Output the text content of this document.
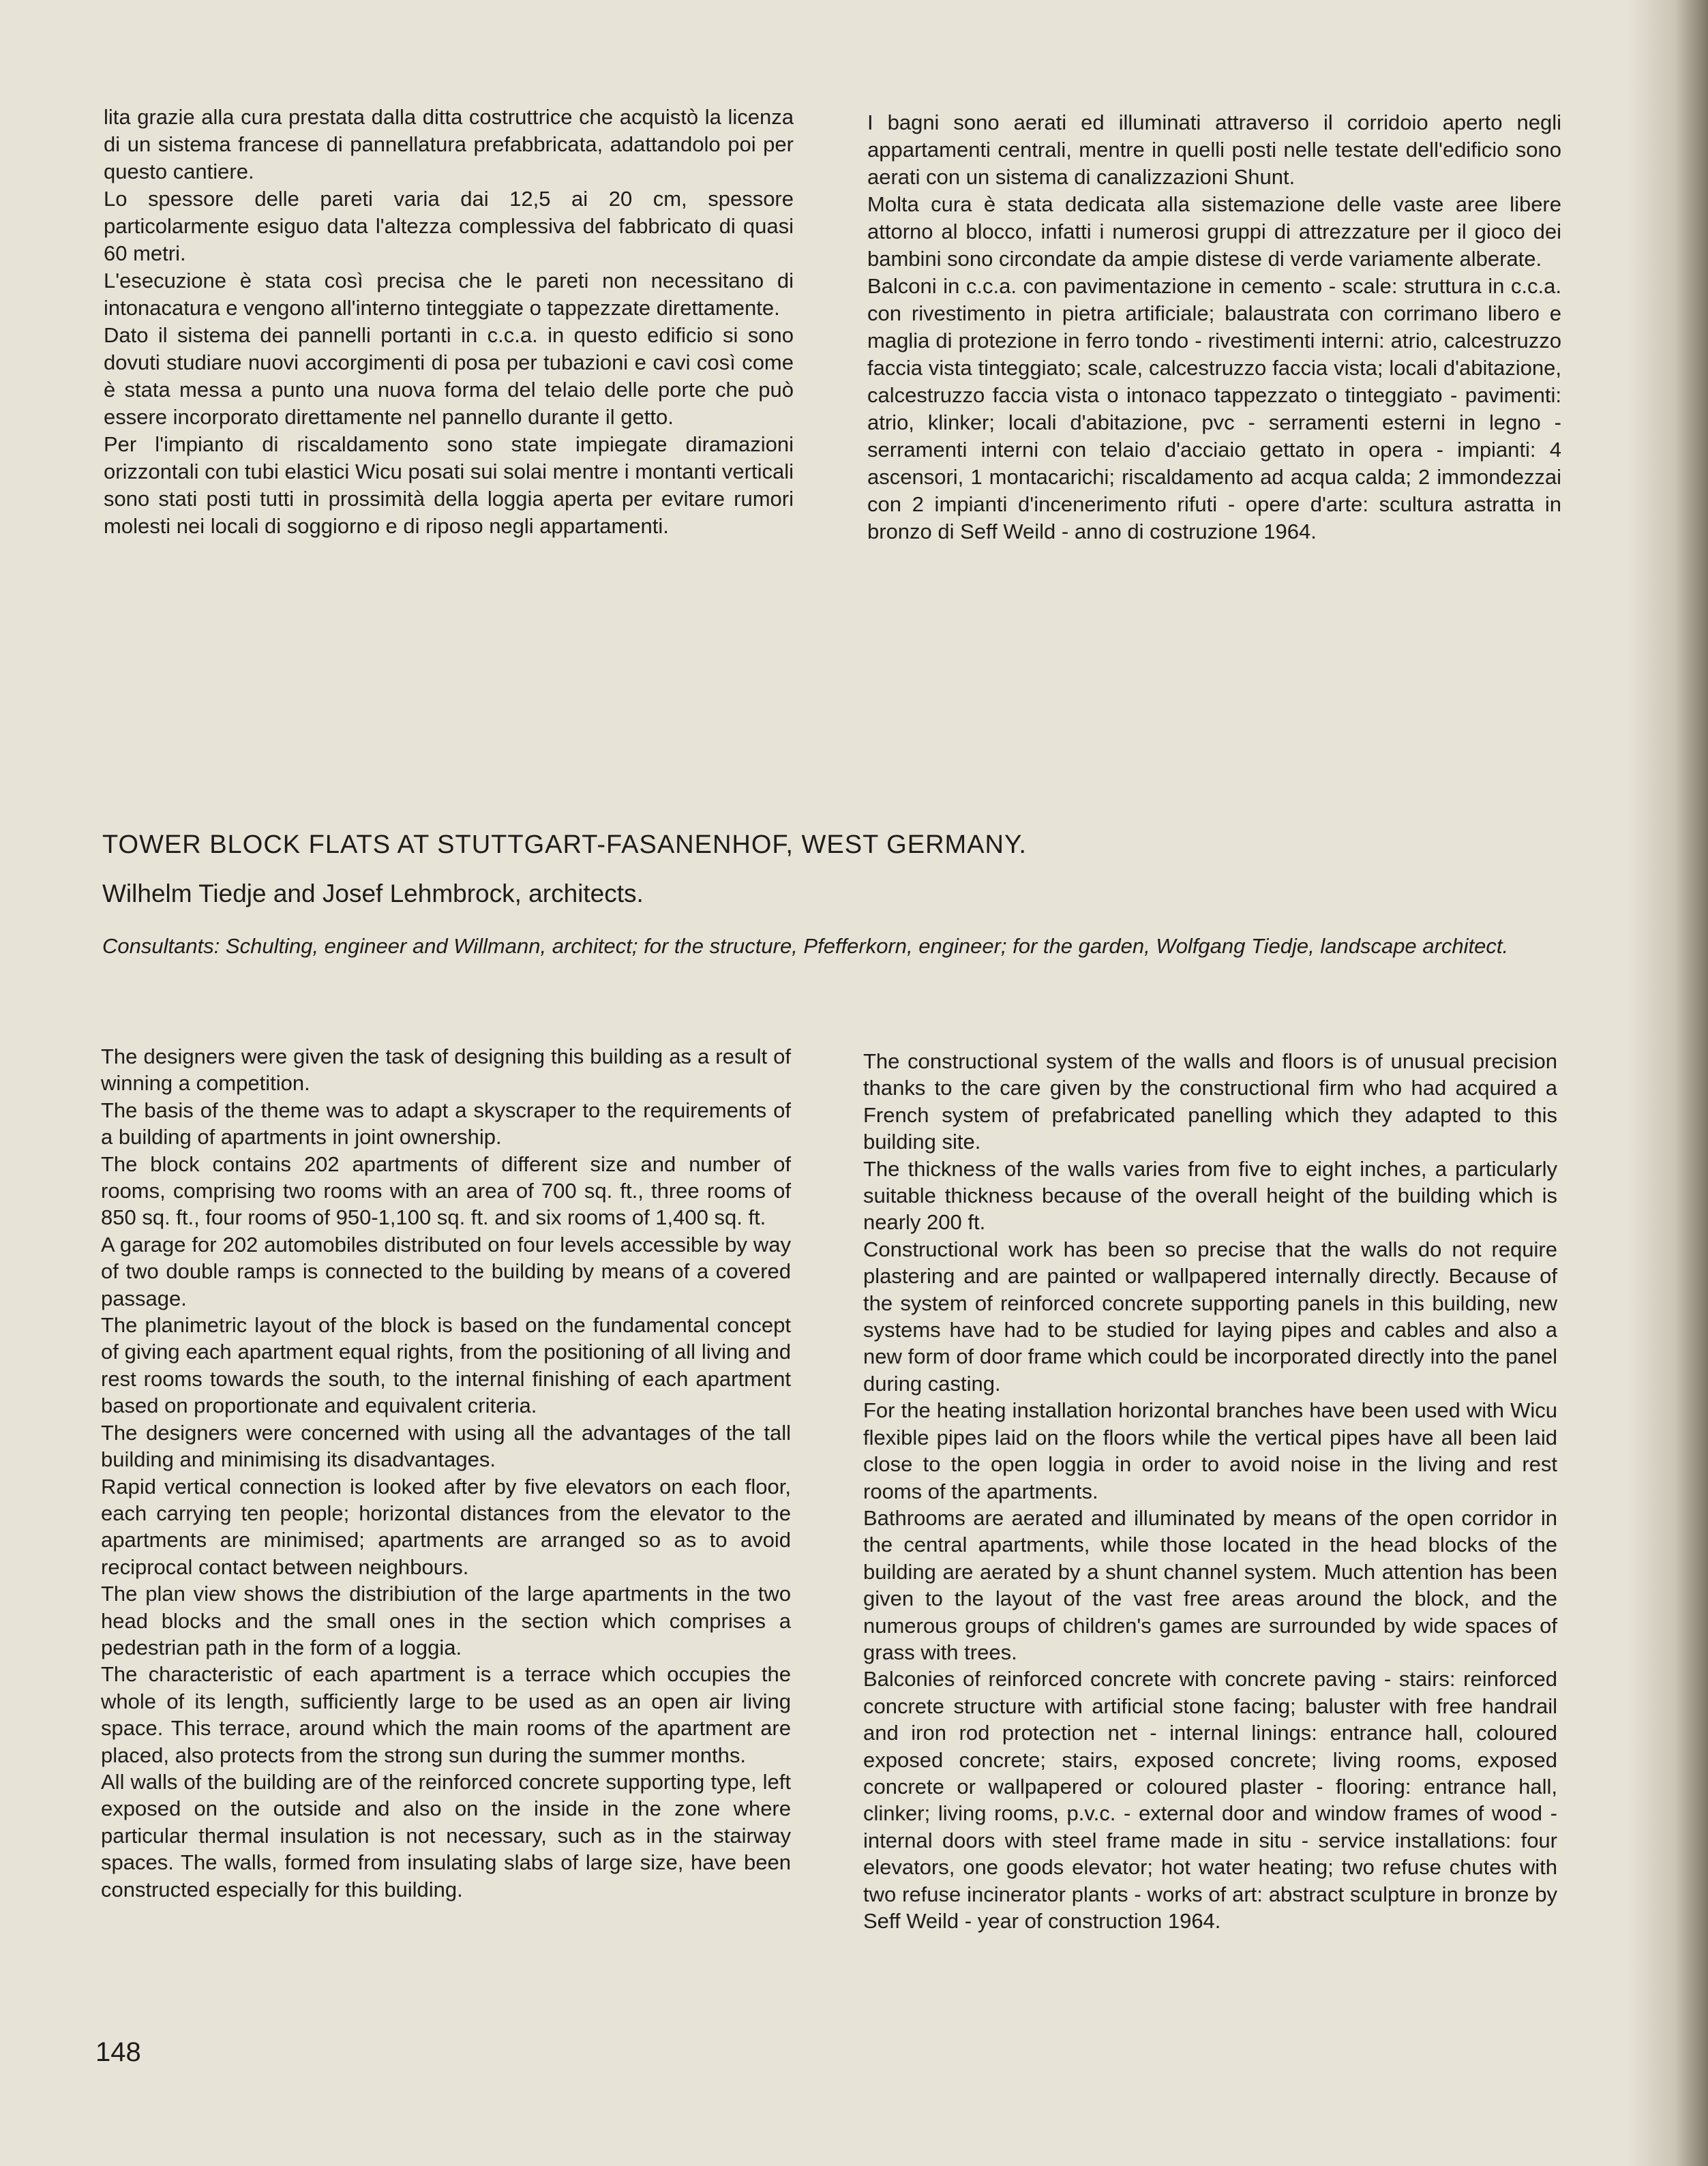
lita grazie alla cura prestata dalla ditta costruttrice che acquistò la licenza di un sistema francese di pannellatura prefabbricata, adattandolo poi per questo cantiere.

Lo spessore delle pareti varia dai 12,5 ai 20 cm, spessore particolarmente esiguo data l'altezza complessiva del fabbricato di quasi 60 metri.

L'esecuzione è stata così precisa che le pareti non necessitano di intonacatura e vengono all'interno tinteggiate o tappezzate direttamente.

Dato il sistema dei pannelli portanti in c.c.a. in questo edificio si sono dovuti studiare nuovi accorgimenti di posa per tubazioni e cavi così come è stata messa a punto una nuova forma del telaio delle porte che può essere incorporato direttamente nel pannello durante il getto.

Per l'impianto di riscaldamento sono state impiegate diramazioni orizzontali con tubi elastici Wicu posati sui solai mentre i montanti verticali sono stati posti tutti in prossimità della loggia aperta per evitare rumori molesti nei locali di soggiorno e di riposo negli appartamenti.

I bagni sono aerati ed illuminati attraverso il corridoio aperto negli appartamenti centrali, mentre in quelli posti nelle testate dell'edificio sono aerati con un sistema di canalizzazioni Shunt.

Molta cura è stata dedicata alla sistemazione delle vaste aree libere attorno al blocco, infatti i numerosi gruppi di attrezzature per il gioco dei bambini sono circondate da ampie distese di verde variamente alberate.

Balconi in c.c.a. con pavimentazione in cemento - scale: struttura in c.c.a. con rivestimento in pietra artificiale; balaustrata con corrimano libero e maglia di protezione in ferro tondo - rivestimenti interni: atrio, calcestruzzo faccia vista tinteggiato; scale, calcestruzzo faccia vista; locali d'abitazione, calcestruzzo faccia vista o intonaco tappezzato o tinteggiato - pavimenti: atrio, klinker; locali d'abitazione, pvc - serramenti esterni in legno - serramenti interni con telaio d'acciaio gettato in opera - impianti: 4 ascensori, 1 montacarichi; riscaldamento ad acqua calda; 2 immondezzai con 2 impianti d'incenerimento rifuti - opere d'arte: scultura astratta in bronzo di Seff Weild - anno di costruzione 1964.

TOWER BLOCK FLATS AT STUTTGART-FASANENHOF, WEST GERMANY.
Wilhelm Tiedje and Josef Lehmbrock, architects.

Consultants: Schulting, engineer and Willmann, architect; for the structure, Pfefferkorn, engineer; for the garden, Wolfgang Tiedje, landscape architect.

The designers were given the task of designing this building as a result of winning a competition.

The basis of the theme was to adapt a skyscraper to the requirements of a building of apartments in joint ownership.

The block contains 202 apartments of different size and number of rooms, comprising two rooms with an area of 700 sq. ft., three rooms of 850 sq. ft., four rooms of 950-1,100 sq. ft. and six rooms of 1,400 sq. ft.

A garage for 202 automobiles distributed on four levels accessible by way of two double ramps is connected to the building by means of a covered passage.

The planimetric layout of the block is based on the fundamental concept of giving each apartment equal rights, from the positioning of all living and rest rooms towards the south, to the internal finishing of each apartment based on proportionate and equivalent criteria.

The designers were concerned with using all the advantages of the tall building and minimising its disadvantages.

Rapid vertical connection is looked after by five elevators on each floor, each carrying ten people; horizontal distances from the elevator to the apartments are minimised; apartments are arranged so as to avoid reciprocal contact between neighbours.

The plan view shows the distribiution of the large apartments in the two head blocks and the small ones in the section which comprises a pedestrian path in the form of a loggia.

The characteristic of each apartment is a terrace which occupies the whole of its length, sufficiently large to be used as an open air living space. This terrace, around which the main rooms of the apartment are placed, also protects from the strong sun during the summer months.

All walls of the building are of the reinforced concrete supporting type, left exposed on the outside and also on the inside in the zone where particular thermal insulation is not necessary, such as in the stairway spaces. The walls, formed from insulating slabs of large size, have been constructed especially for this building.

The constructional system of the walls and floors is of unusual precision thanks to the care given by the constructional firm who had acquired a French system of prefabricated panelling which they adapted to this building site.

The thickness of the walls varies from five to eight inches, a particularly suitable thickness because of the overall height of the building which is nearly 200 ft.

Constructional work has been so precise that the walls do not require plastering and are painted or wallpapered internally directly. Because of the system of reinforced concrete supporting panels in this building, new systems have had to be studied for laying pipes and cables and also a new form of door frame which could be incorporated directly into the panel during casting.

For the heating installation horizontal branches have been used with Wicu flexible pipes laid on the floors while the vertical pipes have all been laid close to the open loggia in order to avoid noise in the living and rest rooms of the apartments.

Bathrooms are aerated and illuminated by means of the open corridor in the central apartments, while those located in the head blocks of the building are aerated by a shunt channel system. Much attention has been given to the layout of the vast free areas around the block, and the numerous groups of children's games are surrounded by wide spaces of grass with trees.

Balconies of reinforced concrete with concrete paving - stairs: reinforced concrete structure with artificial stone facing; baluster with free handrail and iron rod protection net - internal linings: entrance hall, coloured exposed concrete; stairs, exposed concrete; living rooms, exposed concrete or wallpapered or coloured plaster - flooring: entrance hall, clinker; living rooms, p.v.c. - external door and window frames of wood - internal doors with steel frame made in situ - service installations: four elevators, one goods elevator; hot water heating; two refuse chutes with two refuse incinerator plants - works of art: abstract sculpture in bronze by Seff Weild - year of construction 1964.

148
